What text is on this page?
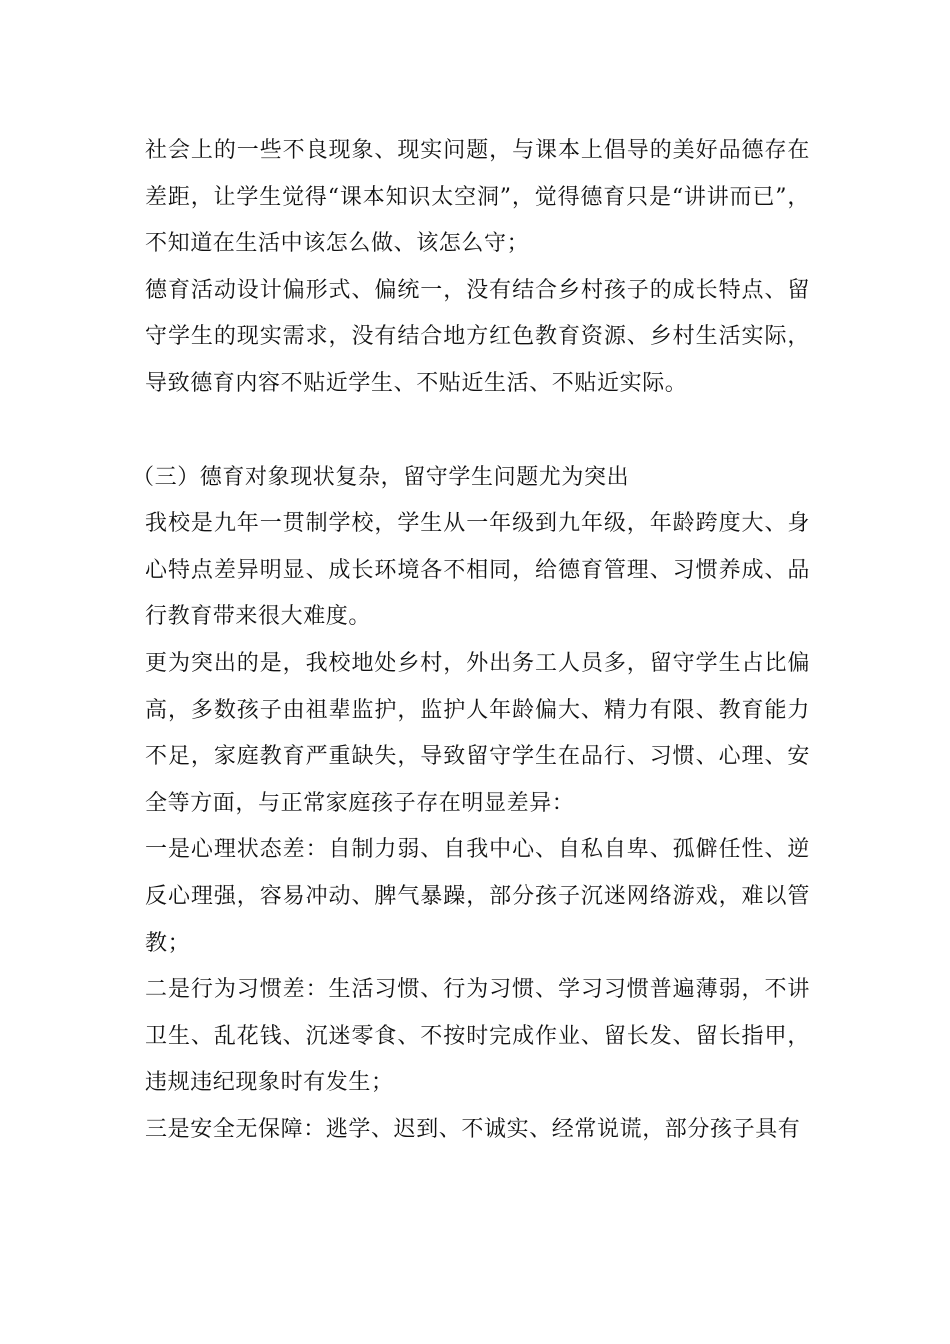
社会上的一些不良现象、现实问题，与课本上倡导的美好品德存在差距，让学生觉得“课本知识太空洞”，觉得德育只是“讲讲而已”，不知道在生活中该怎么做、该怎么守；

德育活动设计偏形式、偏统一，没有结合乡村孩子的成长特点、留守学生的现实需求，没有结合地方红色教育资源、乡村生活实际，导致德育内容不贴近学生、不贴近生活、不贴近实际。

（三）德育对象现状复杂，留守学生问题尤为突出

我校是九年一贯制学校，学生从一年级到九年级，年龄跨度大、身心特点差异明显、成长环境各不相同，给德育管理、习惯养成、品行教育带来很大难度。

更为突出的是，我校地处乡村，外出务工人员多，留守学生占比偏高，多数孩子由祖辈监护，监护人年龄偏大、精力有限、教育能力不足，家庭教育严重缺失，导致留守学生在品行、习惯、心理、安全等方面，与正常家庭孩子存在明显差异：

一是心理状态差：自制力弱、自我中心、自私自卑、孤僻任性、逆反心理强，容易冲动、脾气暴躁，部分孩子沉迷网络游戏，难以管教；

二是行为习惯差：生活习惯、行为习惯、学习习惯普遍薄弱，不讲卫生、乱花钱、沉迷零食、不按时完成作业、留长发、留长指甲，违规违纪现象时有发生；

三是安全无保障：逃学、迟到、不诚实、经常说谎，部分孩子具有
